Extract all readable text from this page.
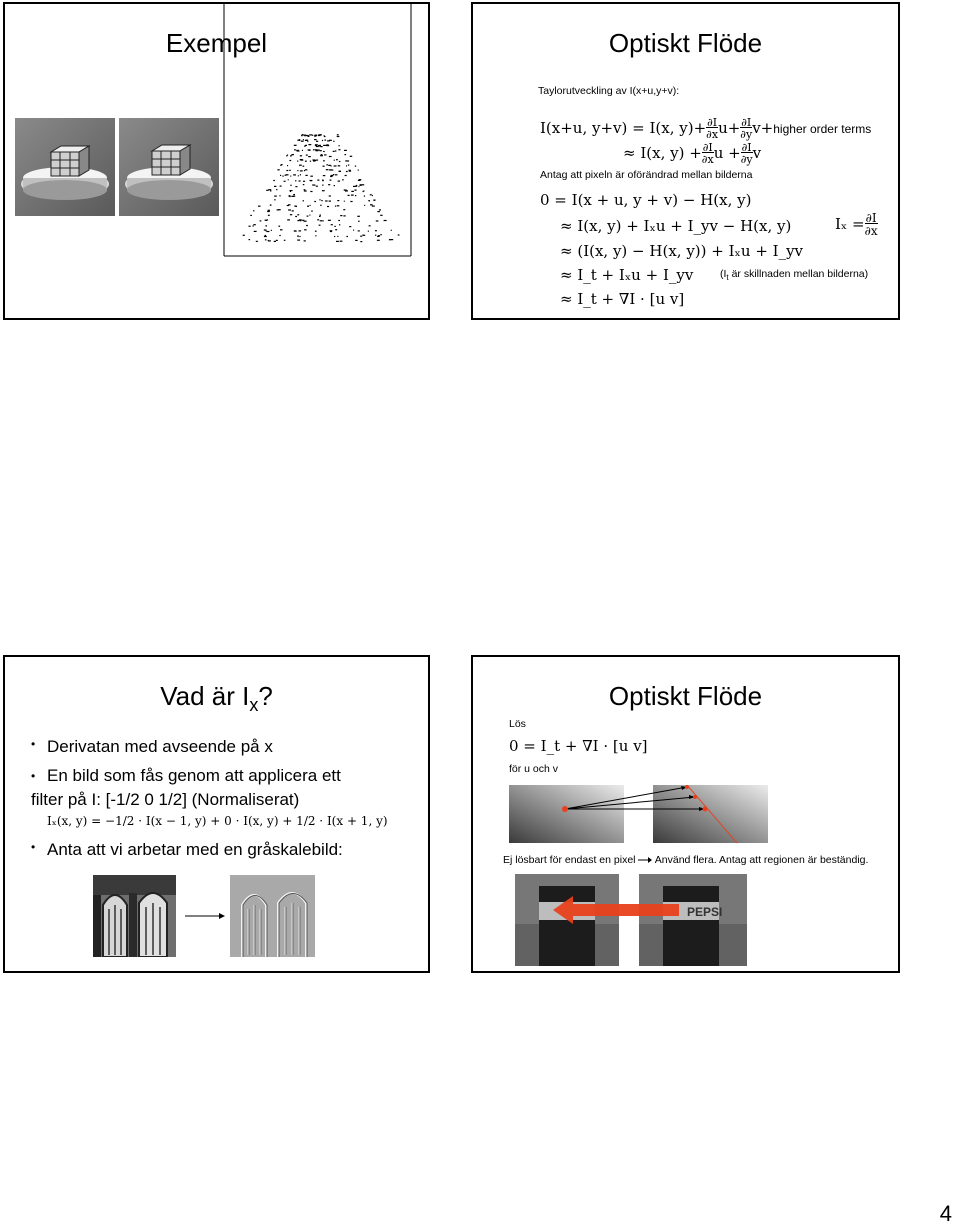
Exempel	Optiskt Flöde
Taylorutveckling av I(x+u,y+v):
I(x+u, y+v) = I(x, $y)+\frac{\partial I}{\partial x}u+\frac{\partial I}{\partial y}v+higher$ order terms
≈ I(x, $y) +\frac{\partial I}{\partial x}u +\frac{\partial I}{\partial y}v$
Antag att pixeln är oförändrad mellan bilderna
0 = I(x + u, y + v) − H(x, y)
≈ I(x, y) + Iₓu + I_yv − H(x, y)
≈ (I(x, y) − H(x, y)) + Iₓu + I_yv
≈ I_t + Iₓu + I_yv
≈ I_t + ∇I · [u v]
$I_x =\frac{\partial I}{\partial x}$
($I_t$ är skillnaden mellan bilderna)
Vad är $I_x$?
• Derivatan med avseende på x
• En bild som fås genom att applicera ett
filter på I: [-1/2 0 1/2] (Normaliserat)
Iₓ(x, y) = −1/2 · I(x − 1, y) + 0 · I(x, y) + 1/2 · I(x + 1, y)
• Anta att vi arbetar med en gråskalebild:
Optiskt Flöde
Lös
0 = I_t + ∇I · [u v]
för u och v
Ej lösbart för endast en pixel Använd flera. Antag att regionen är beständig.
PEPSI
4
